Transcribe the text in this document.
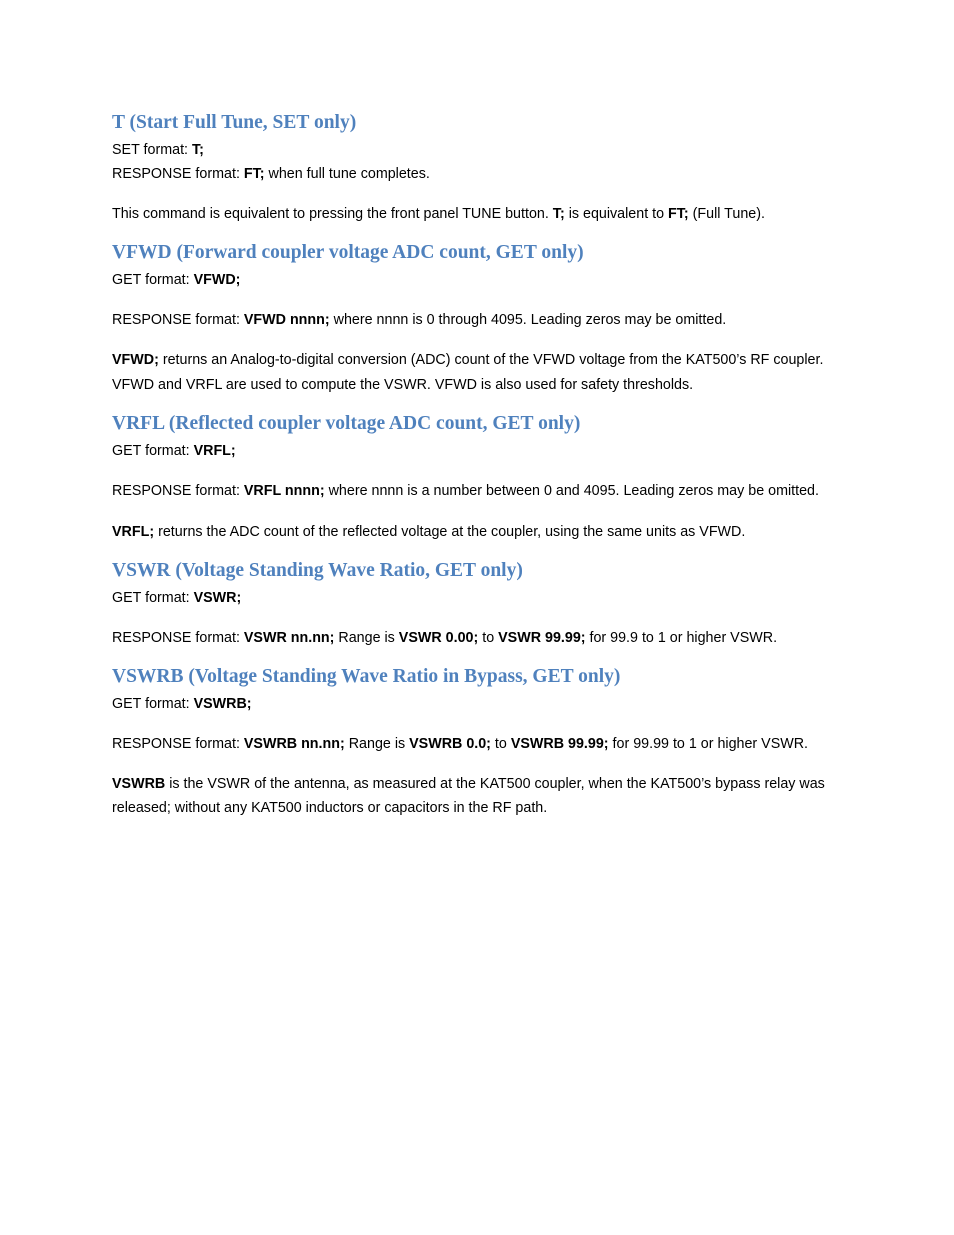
T (Start Full Tune, SET only)

SET format: T;

RESPONSE format: FT; when full tune completes.

This command is equivalent to pressing the front panel TUNE button. T; is equivalent to FT; (Full Tune).

VFWD (Forward coupler voltage ADC count, GET only)

GET format: VFWD;

RESPONSE format: VFWD nnnn; where nnnn is 0 through 4095. Leading zeros may be omitted.

VFWD; returns an Analog-to-digital conversion (ADC) count of the VFWD voltage from the KAT500’s RF coupler. VFWD and VRFL are used to compute the VSWR. VFWD is also used for safety thresholds.

VRFL (Reflected coupler voltage ADC count, GET only)

GET format: VRFL;

RESPONSE format: VRFL nnnn; where nnnn is a number between 0 and 4095. Leading zeros may be omitted.

VRFL; returns the ADC count of the reflected voltage at the coupler, using the same units as VFWD.

VSWR (Voltage Standing Wave Ratio, GET only)

GET format: VSWR;

RESPONSE format: VSWR nn.nn; Range is VSWR 0.00; to VSWR 99.99; for 99.9 to 1 or higher VSWR.

VSWRB (Voltage Standing Wave Ratio in Bypass, GET only)

GET format: VSWRB;

RESPONSE format: VSWRB nn.nn; Range is VSWRB 0.0; to VSWRB 99.99; for 99.99 to 1 or higher VSWR.

VSWRB is the VSWR of the antenna, as measured at the KAT500 coupler, when the KAT500’s bypass relay was released; without any KAT500 inductors or capacitors in the RF path.
